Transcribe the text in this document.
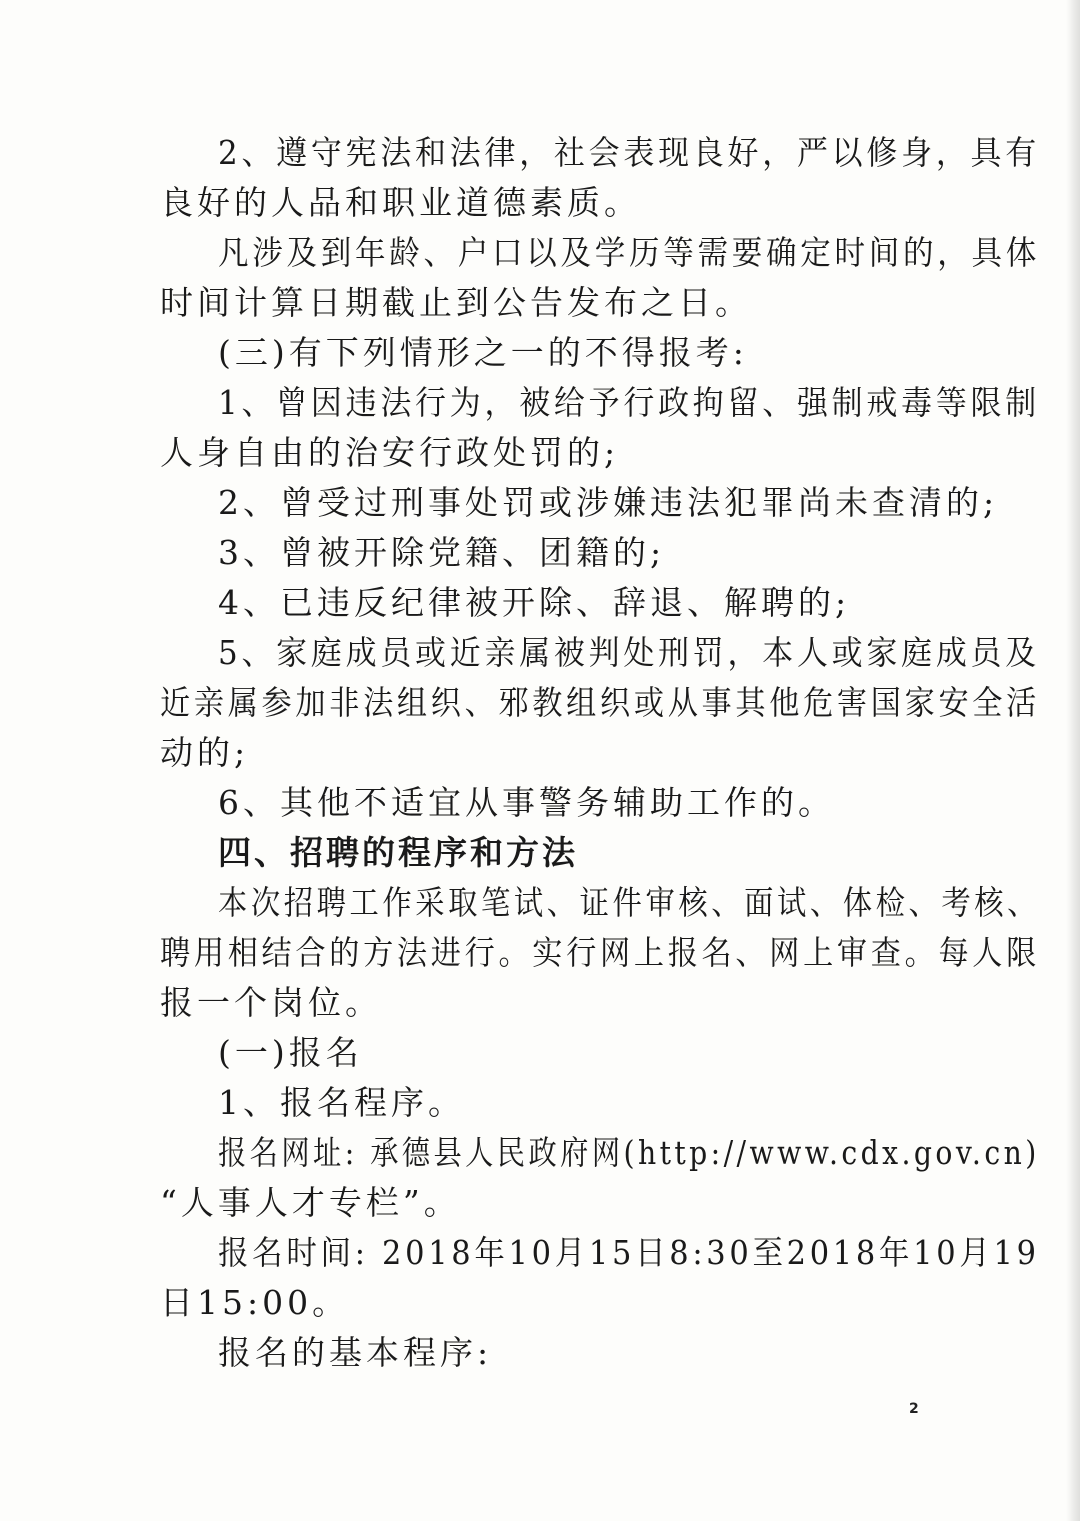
2、遵守宪法和法律，社会表现良好，严以修身，具有
良好的人品和职业道德素质。
凡涉及到年龄、户口以及学历等需要确定时间的，具体
时间计算日期截止到公告发布之日。
(三)有下列情形之一的不得报考:
1、曾因违法行为，被给予行政拘留、强制戒毒等限制
人身自由的治安行政处罚的;
2、曾受过刑事处罚或涉嫌违法犯罪尚未查清的;
3、曾被开除党籍、团籍的;
4、已违反纪律被开除、辞退、解聘的;
5、家庭成员或近亲属被判处刑罚，本人或家庭成员及
近亲属参加非法组织、邪教组织或从事其他危害国家安全活
动的;
6、其他不适宜从事警务辅助工作的。
四、招聘的程序和方法
本次招聘工作采取笔试、证件审核、面试、体检、考核、
聘用相结合的方法进行。实行网上报名、网上审查。每人限
报一个岗位。
(一)报名
1、报名程序。
报名网址: 承德县人民政府网(http://www.cdx.gov.cn)
“人事人才专栏”。
报名时间: 2018年10月15日8:30至2018年10月19
日15:00。
报名的基本程序:
2
